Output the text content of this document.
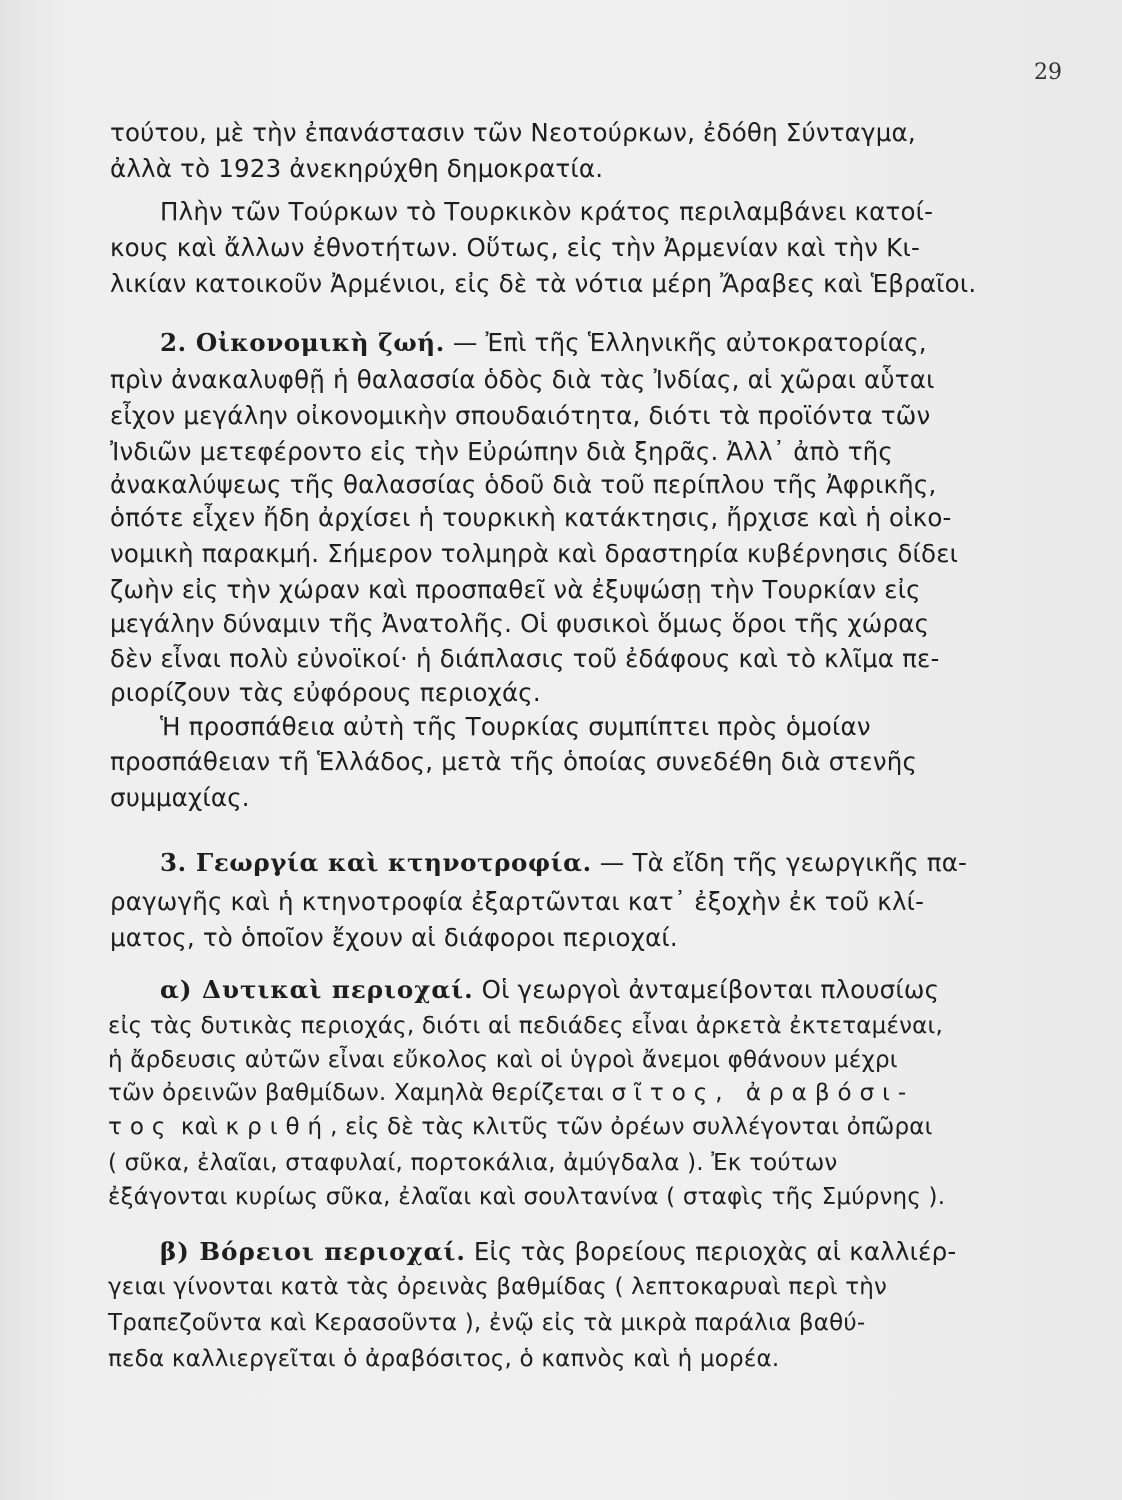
29
τούτου, μὲ τὴν ἐπανάστασιν τῶν Νεοτούρκων, ἐδόθη Σύνταγμα,
ἀλλὰ τὸ 1923 ἀνεκηρύχθη δημοκρατία.
Πλὴν τῶν Τούρκων τὸ Τουρκικὸν κράτος περιλαμβάνει κατοί-
κους καὶ ἄλλων ἐθνοτήτων. Οὕτως, εἰς τὴν Ἀρμενίαν καὶ τὴν Κι-
λικίαν κατοικοῦν Ἀρμένιοι, εἰς δὲ τὰ νότια μέρη Ἄραβες καὶ Ἑβραῖοι.
2. Οἰκονομικὴ ζωή. — Ἐπὶ τῆς Ἑλληνικῆς αὐτοκρατορίας,
πρὶν ἀνακαλυφθῇ ἡ θαλασσία ὁδὸς διὰ τὰς Ἰνδίας, αἱ χῶραι αὗται
εἶχον μεγάλην οἰκονομικὴν σπουδαιότητα, διότι τὰ προϊόντα τῶν
Ἰνδιῶν μετεφέροντο εἰς τὴν Εὐρώπην διὰ ξηρᾶς. Ἀλλ᾽ ἀπὸ τῆς
ἀνακαλύψεως τῆς θαλασσίας ὁδοῦ διὰ τοῦ περίπλου τῆς Ἀφρικῆς,
ὁπότε εἶχεν ἤδη ἀρχίσει ἡ τουρκικὴ κατάκτησις, ἤρχισε καὶ ἡ οἰκο-
νομικὴ παρακμή. Σήμερον τολμηρὰ καὶ δραστηρία κυβέρνησις δίδει
ζωὴν εἰς τὴν χώραν καὶ προσπαθεῖ νὰ ἐξυψώσῃ τὴν Τουρκίαν εἰς
μεγάλην δύναμιν τῆς Ἀνατολῆς. Οἱ φυσικοὶ ὅμως ὅροι τῆς χώρας
δὲν εἶναι πολὺ εὐνοϊκοί· ἡ διάπλασις τοῦ ἐδάφους καὶ τὸ κλῖμα πε-
ριορίζουν τὰς εὐφόρους περιοχάς.
Ἡ προσπάθεια αὐτὴ τῆς Τουρκίας συμπίπτει πρὸς ὁμοίαν
προσπάθειαν τῆ Ἑλλάδος, μετὰ τῆς ὁποίας συνεδέθη διὰ στενῆς
συμμαχίας.
3. Γεωργία καὶ κτηνοτροφία. — Τὰ εἴδη τῆς γεωργικῆς πα-
ραγωγῆς καὶ ἡ κτηνοτροφία ἐξαρτῶνται κατ᾽ ἐξοχὴν ἐκ τοῦ κλί-
ματος, τὸ ὁποῖον ἔχουν αἱ διάφοροι περιοχαί.
α) Δυτικαὶ περιοχαί. Οἱ γεωργοὶ ἀνταμείβονται πλουσίως
εἰς τὰς δυτικὰς περιοχάς, διότι αἱ πεδιάδες εἶναι ἀρκετὰ ἐκτεταμέναι,
ἡ ἄρδευσις αὐτῶν εἶναι εὔκολος καὶ οἱ ὑγροὶ ἄνεμοι φθάνουν μέχρι
τῶν ὀρεινῶν βαθμίδων. Χαμηλὰ θερίζεται σῖτος, ἀραβόσι-
τος καὶ κριθή, εἰς δὲ τὰς κλιτῦς τῶν ὀρέων συλλέγονται ὀπῶραι
( σῦκα, ἐλαῖαι, σταφυλαί, πορτοκάλια, ἀμύγδαλα ). Ἐκ τούτων
ἐξάγονται κυρίως σῦκα, ἐλαῖαι καὶ σουλτανίνα ( σταφὶς τῆς Σμύρνης ).
β) Βόρειοι περιοχαί. Εἰς τὰς βορείους περιοχὰς αἱ καλλιέρ-
γειαι γίνονται κατὰ τὰς ὀρεινὰς βαθμίδας ( λεπτοκαρυαὶ περὶ τὴν
Τραπεζοῦντα καὶ Κερασοῦντα ), ἐνῷ εἰς τὰ μικρὰ παράλια βαθύ-
πεδα καλλιεργεῖται ὁ ἀραβόσιτος, ὁ καπνὸς καὶ ἡ μορέα.
